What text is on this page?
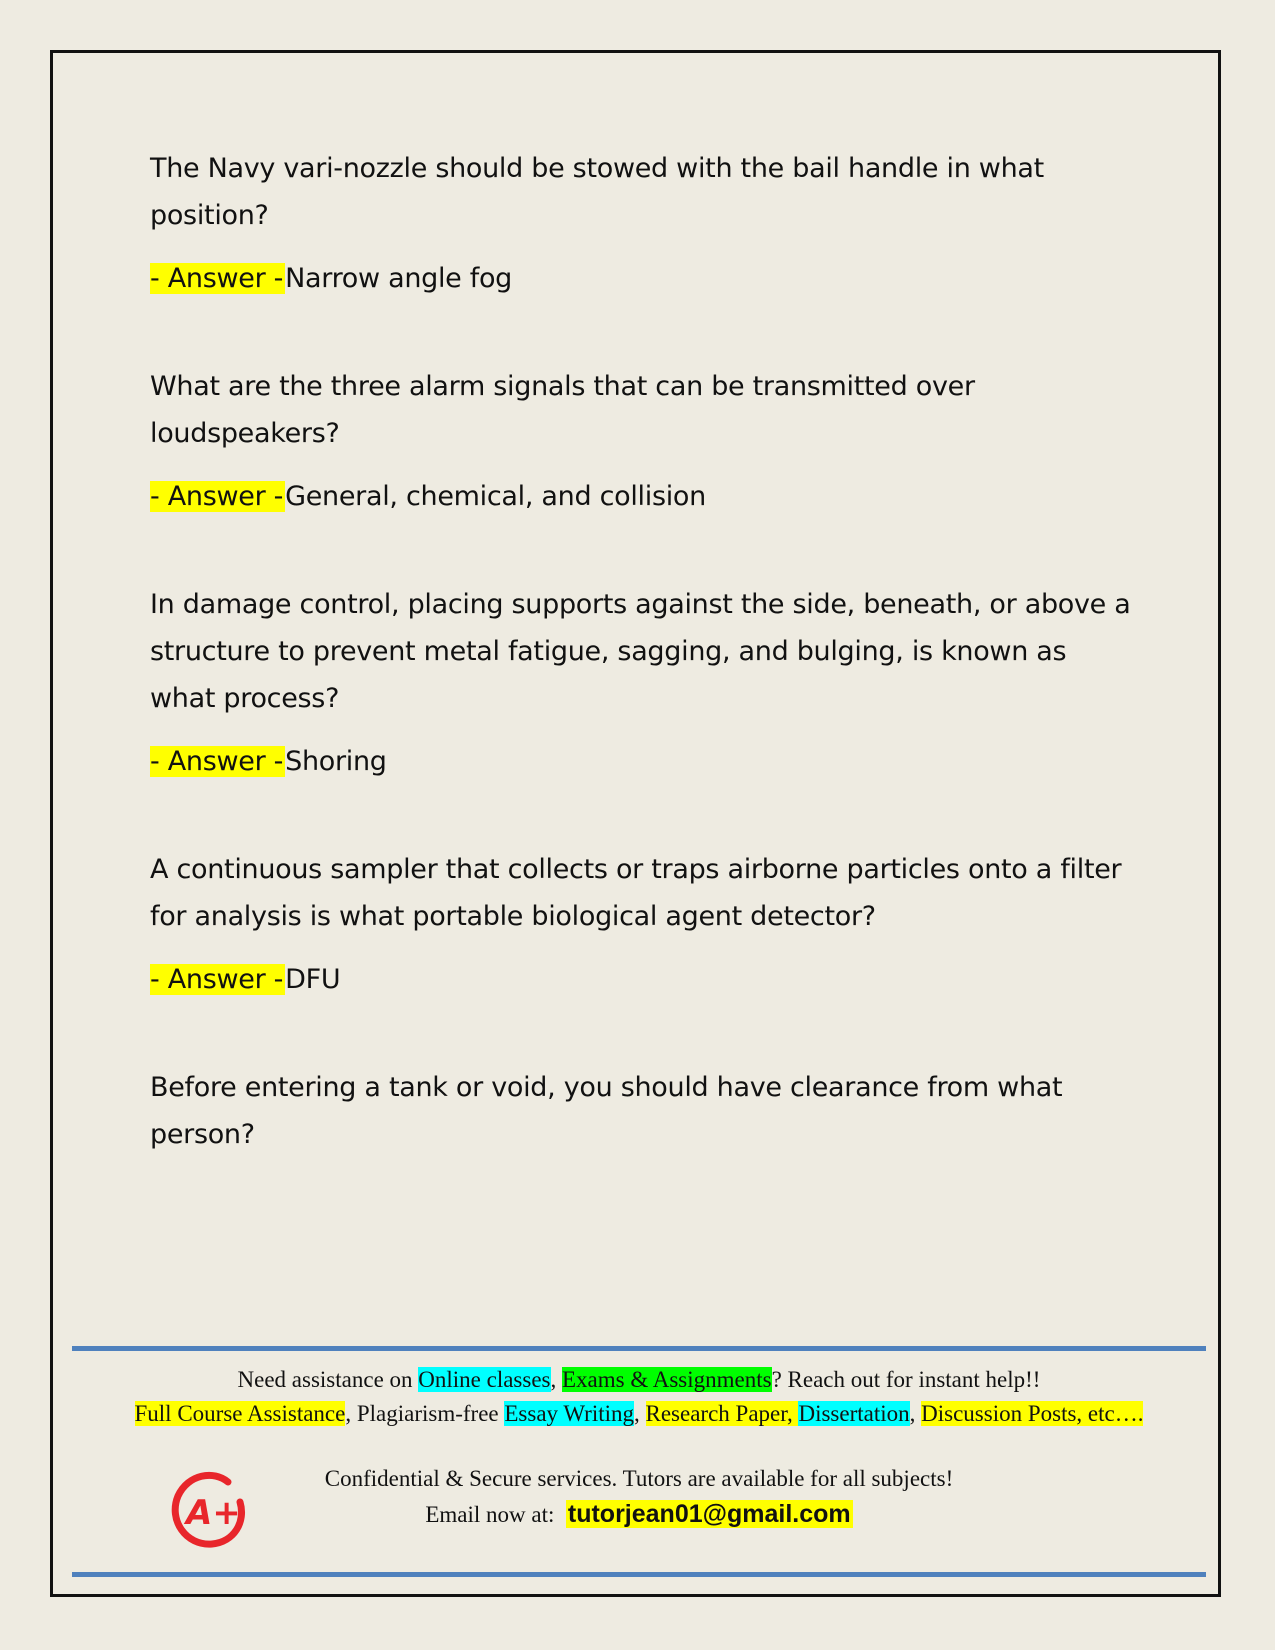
The Navy vari-nozzle should be stowed with the bail handle in what position?

- Answer -Narrow angle fog

What are the three alarm signals that can be transmitted over loudspeakers?

- Answer -General, chemical, and collision

In damage control, placing supports against the side, beneath, or above a structure to prevent metal fatigue, sagging, and bulging, is known as what process?

- Answer -Shoring

A continuous sampler that collects or traps airborne particles onto a filter for analysis is what portable biological agent detector?

- Answer -DFU

Before entering a tank or void, you should have clearance from what person?

Need assistance on Online classes, Exams & Assignments? Reach out for instant help!!
Full Course Assistance, Plagiarism-free Essay Writing, Research Paper, Dissertation, Discussion Posts, etc….
A+
Confidential & Secure services. Tutors are available for all subjects!
Email now at: tutorjean01@gmail.com
